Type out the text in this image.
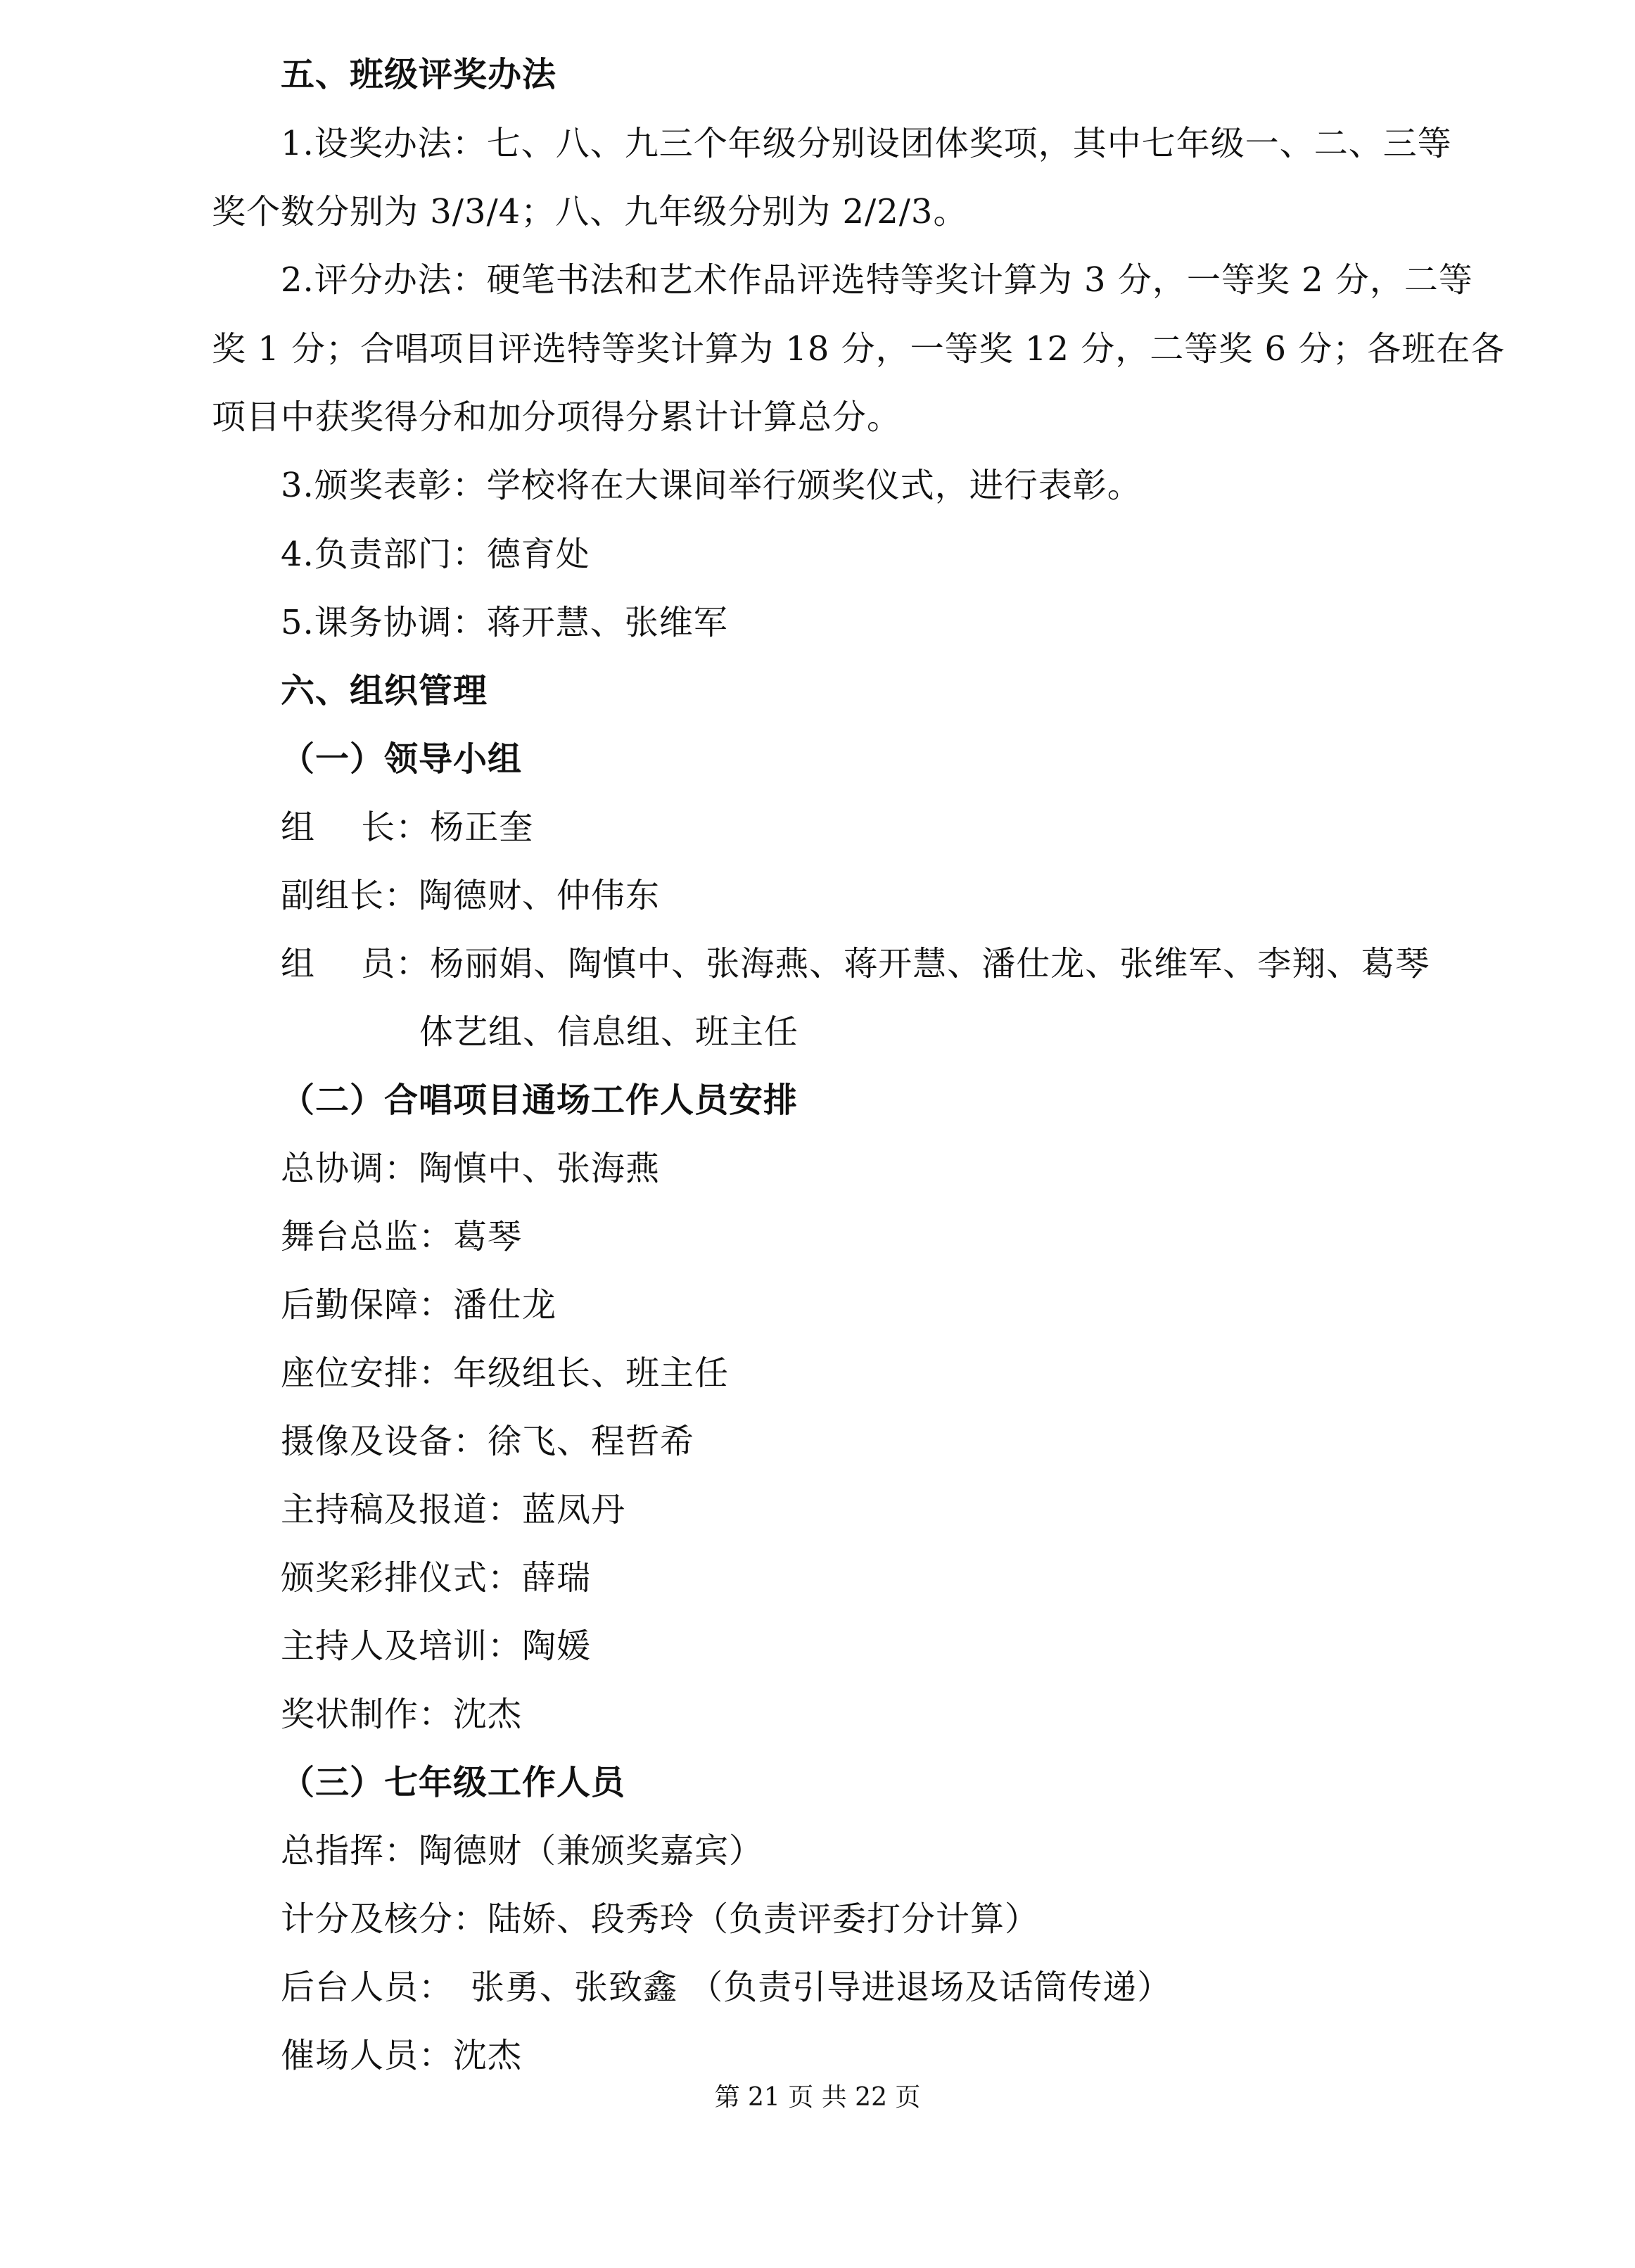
五、班级评奖办法
1.设奖办法：七、八、九三个年级分别设团体奖项，其中七年级一、二、三等
奖个数分别为 3/3/4；八、九年级分别为 2/2/3。
2.评分办法：硬笔书法和艺术作品评选特等奖计算为 3 分，一等奖 2 分，二等
奖 1 分；合唱项目评选特等奖计算为 18 分，一等奖 12 分，二等奖 6 分；各班在各
项目中获奖得分和加分项得分累计计算总分。
3.颁奖表彰：学校将在大课间举行颁奖仪式，进行表彰。
4.负责部门：德育处
5.课务协调：蒋开慧、张维军
六、组织管理
（一）领导小组
组　 长：杨正奎
副组长：陶德财、仲伟东
组　 员：杨丽娟、陶慎中、张海燕、蒋开慧、潘仕龙、张维军、李翔、葛琴
体艺组、信息组、班主任
（二）合唱项目通场工作人员安排
总协调：陶慎中、张海燕
舞台总监：葛琴
后勤保障：潘仕龙
座位安排：年级组长、班主任
摄像及设备：徐飞、程哲希
主持稿及报道：蓝凤丹
颁奖彩排仪式：薛瑞
主持人及培训：陶媛
奖状制作：沈杰
（三）七年级工作人员
总指挥：陶德财（兼颁奖嘉宾）
计分及核分：陆娇、段秀玲（负责评委打分计算）
后台人员：　张勇、张致鑫 （负责引导进退场及话筒传递）
催场人员：沈杰
第 21 页 共 22 页
